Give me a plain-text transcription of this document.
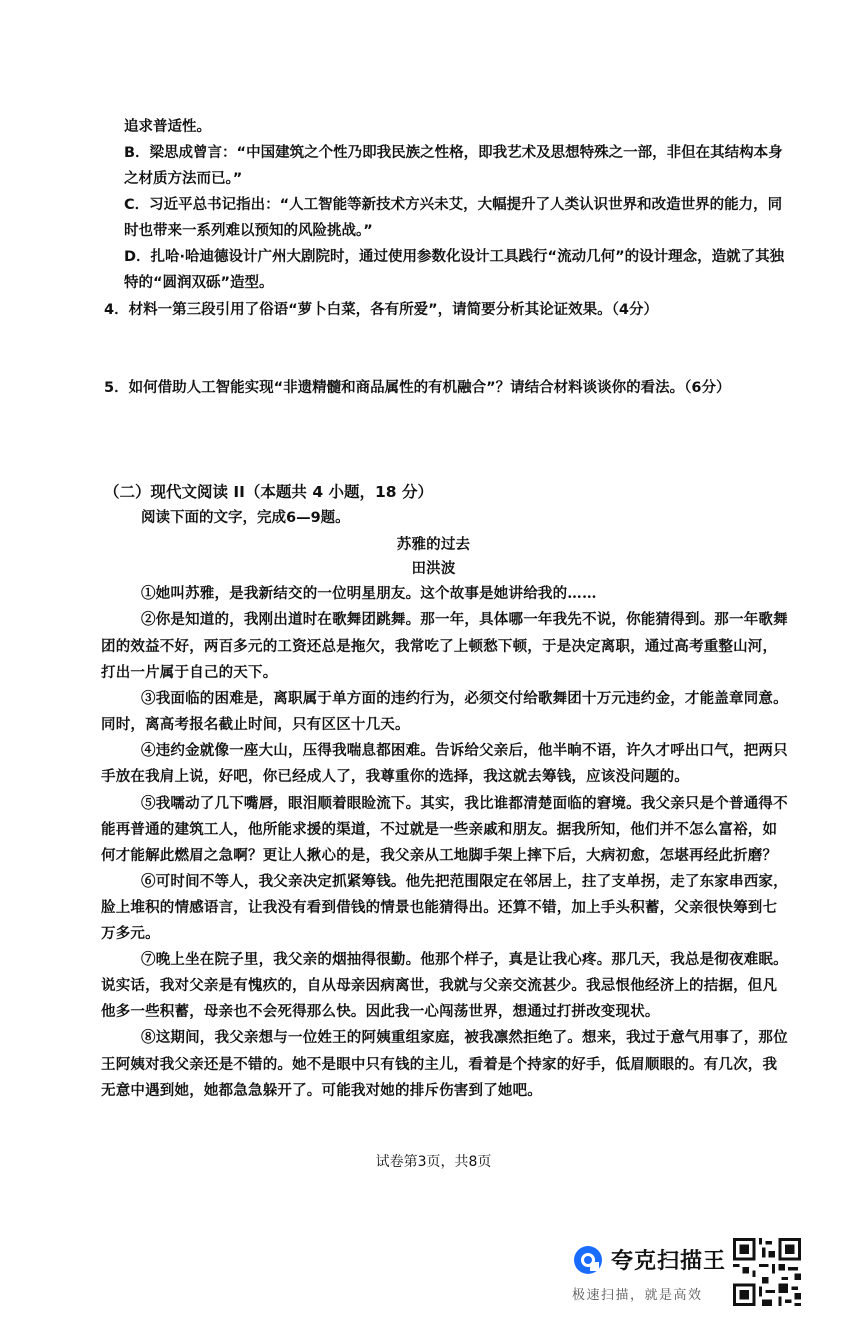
追求普适性。
B．梁思成曾言：“中国建筑之个性乃即我民族之性格，即我艺术及思想特殊之一部，非但在其结构本身
之材质方法而已。”
C．习近平总书记指出：“人工智能等新技术方兴未艾，大幅提升了人类认识世界和改造世界的能力，同
时也带来一系列难以预知的风险挑战。”
D．扎哈·哈迪德设计广州大剧院时，通过使用参数化设计工具践行“流动几何”的设计理念，造就了其独
特的“圆润双砾”造型。
4．材料一第三段引用了俗语“萝卜白菜，各有所爱”，请简要分析其论证效果。（4分）
5．如何借助人工智能实现“非遗精髓和商品属性的有机融合”？请结合材料谈谈你的看法。（6分）
（二）现代文阅读 II（本题共 4 小题，18 分）
阅读下面的文字，完成6—9题。
苏雅的过去
田洪波
①她叫苏雅，是我新结交的一位明星朋友。这个故事是她讲给我的……
②你是知道的，我刚出道时在歌舞团跳舞。那一年，具体哪一年我先不说，你能猜得到。那一年歌舞
团的效益不好，两百多元的工资还总是拖欠，我常吃了上顿愁下顿，于是决定离职，通过高考重整山河，
打出一片属于自己的天下。
③我面临的困难是，离职属于单方面的违约行为，必须交付给歌舞团十万元违约金，才能盖章同意。
同时，离高考报名截止时间，只有区区十几天。
④违约金就像一座大山，压得我喘息都困难。告诉给父亲后，他半晌不语，许久才呼出口气，把两只
手放在我肩上说，好吧，你已经成人了，我尊重你的选择，我这就去筹钱，应该没问题的。
⑤我嚅动了几下嘴唇，眼泪顺着眼睑流下。其实，我比谁都清楚面临的窘境。我父亲只是个普通得不
能再普通的建筑工人，他所能求援的渠道，不过就是一些亲戚和朋友。据我所知，他们并不怎么富裕，如
何才能解此燃眉之急啊？更让人揪心的是，我父亲从工地脚手架上摔下后，大病初愈，怎堪再经此折磨？
⑥可时间不等人，我父亲决定抓紧筹钱。他先把范围限定在邻居上，拄了支单拐，走了东家串西家，
脸上堆积的情感语言，让我没有看到借钱的情景也能猜得出。还算不错，加上手头积蓄，父亲很快筹到七
万多元。
⑦晚上坐在院子里，我父亲的烟抽得很勤。他那个样子，真是让我心疼。那几天，我总是彻夜难眠。
说实话，我对父亲是有愧疚的，自从母亲因病离世，我就与父亲交流甚少。我忌恨他经济上的拮据，但凡
他多一些积蓄，母亲也不会死得那么快。因此我一心闯荡世界，想通过打拼改变现状。
⑧这期间，我父亲想与一位姓王的阿姨重组家庭，被我凛然拒绝了。想来，我过于意气用事了，那位
王阿姨对我父亲还是不错的。她不是眼中只有钱的主儿，看着是个持家的好手，低眉顺眼的。有几次，我
无意中遇到她，她都急急躲开了。可能我对她的排斥伤害到了她吧。
试卷第3页，共8页
夸克扫描王
极速扫描，就是高效
